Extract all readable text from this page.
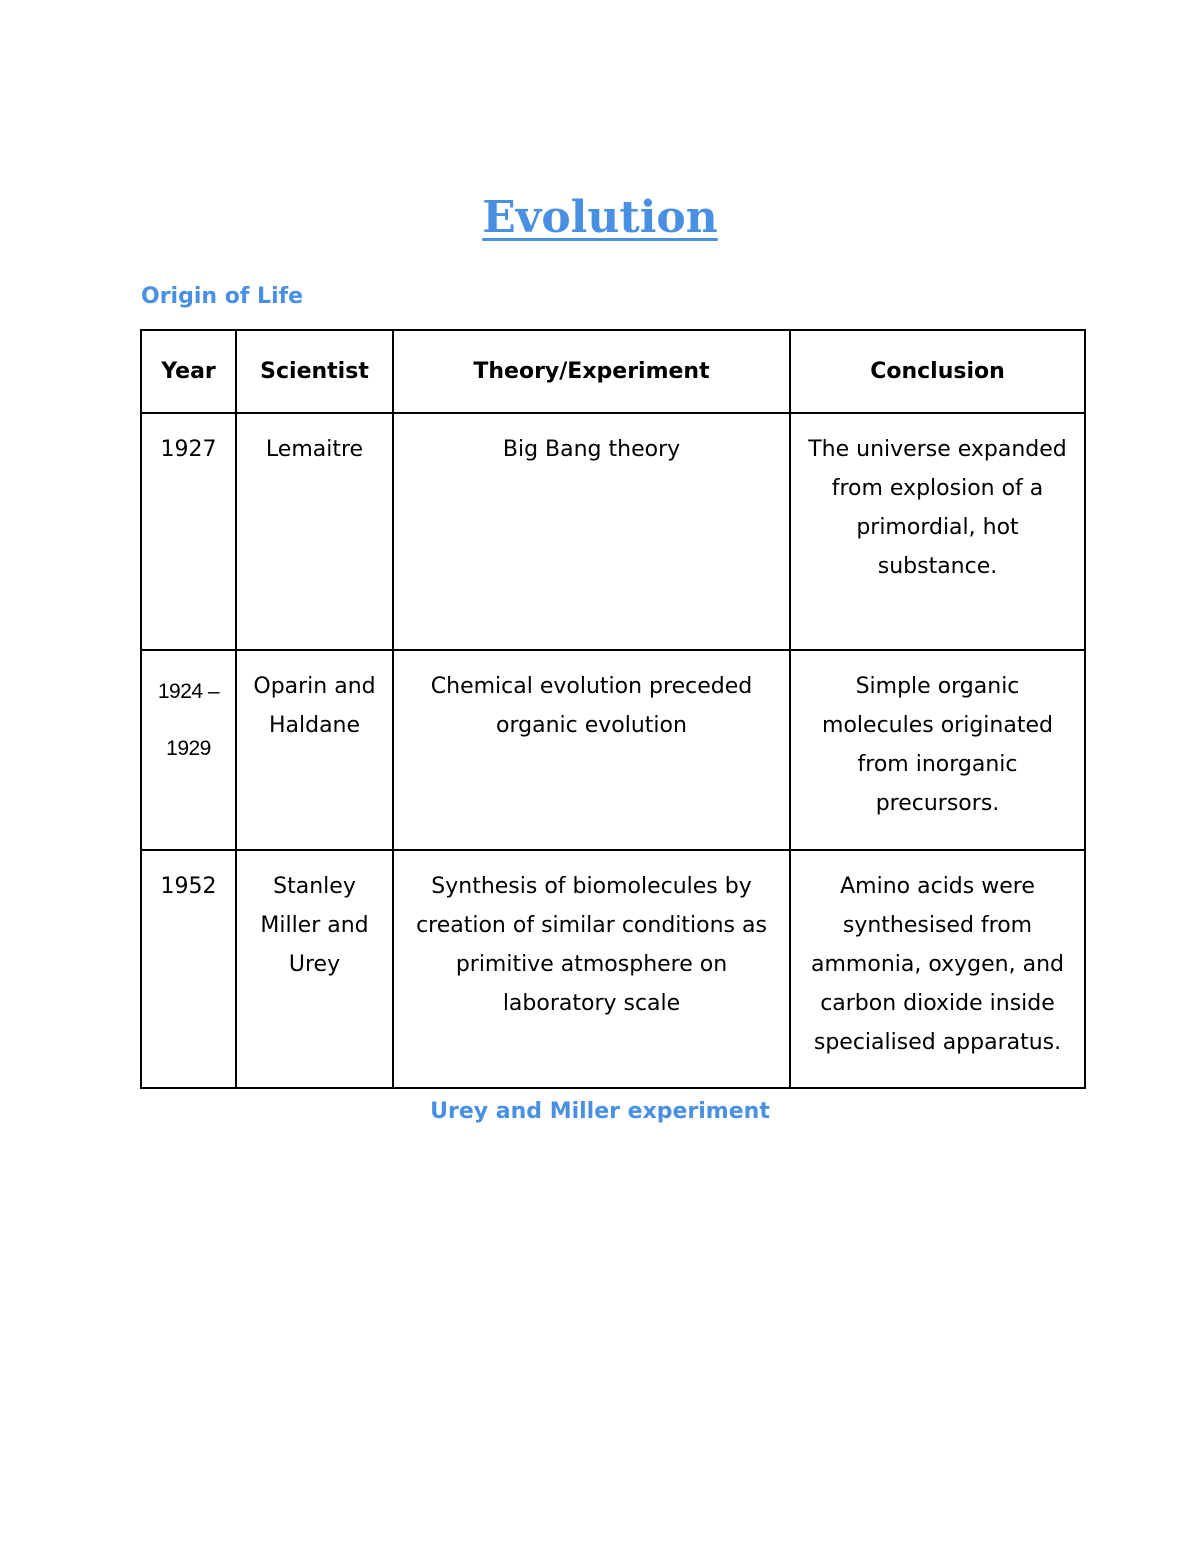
Evolution
Origin of Life
Year	Scientist	Theory/Experiment	Conclusion
1927	Lemaitre	Big Bang theory	The universe expanded from explosion of a primordial, hot substance.
1924 – 1929	Oparin and Haldane	Chemical evolution preceded organic evolution	Simple organic molecules originated from inorganic precursors.
1952	Stanley Miller and Urey	Synthesis of biomolecules by creation of similar conditions as primitive atmosphere on laboratory scale	Amino acids were synthesised from ammonia, oxygen, and carbon dioxide inside specialised apparatus.
Urey and Miller experiment
